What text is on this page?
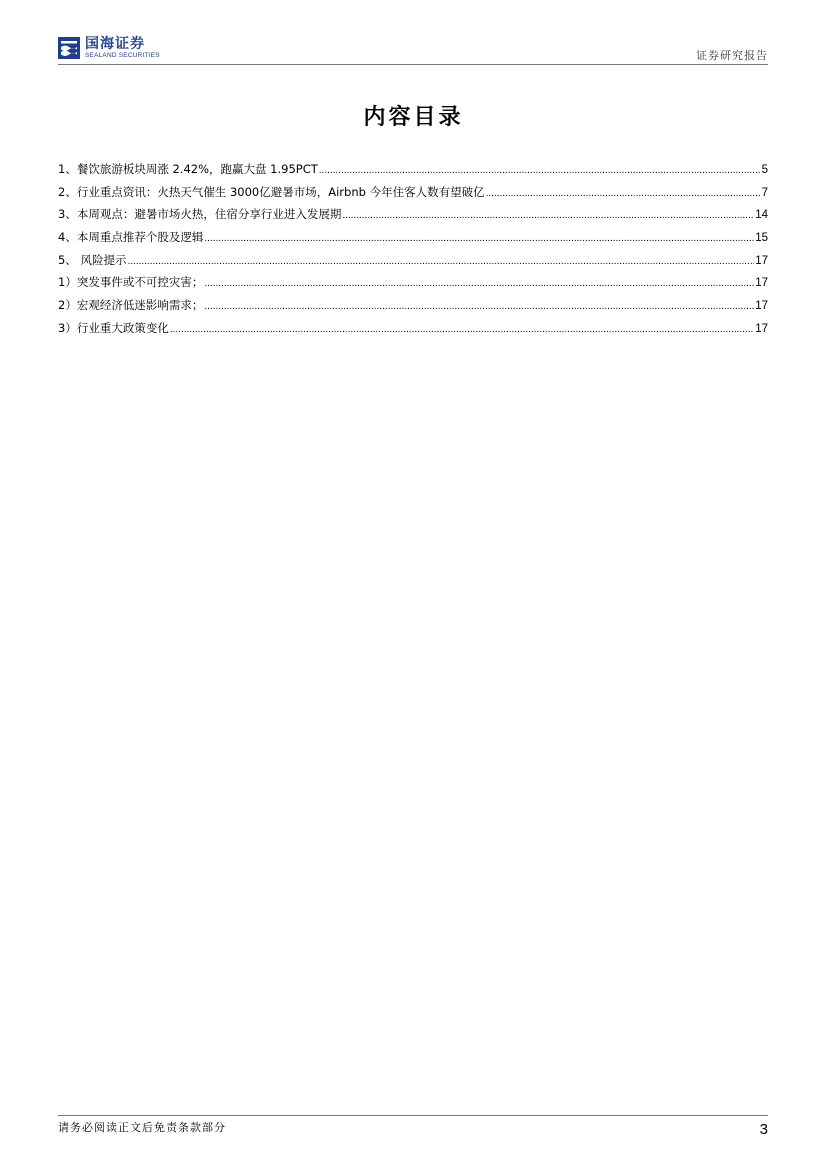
国海证券
SEALAND SECURITIES	证券研究报告
内容目录
1、餐饮旅游板块周涨 2.42%，跑赢大盘 1.95PCT .....	5
2、行业重点资讯：火热天气催生 3000亿避暑市场，Airbnb 今年住客人数有望破亿 .....	7
3、本周观点：避暑市场火热，住宿分享行业进入发展期 .....	14
4、本周重点推荐个股及逻辑 .....	15
5、 风险提示 .....	17
1）突发事件或不可控灾害； .....	17
2）宏观经济低迷影响需求； .....	17
3）行业重大政策变化 .....	17
请务必阅读正文后免责条款部分	3
